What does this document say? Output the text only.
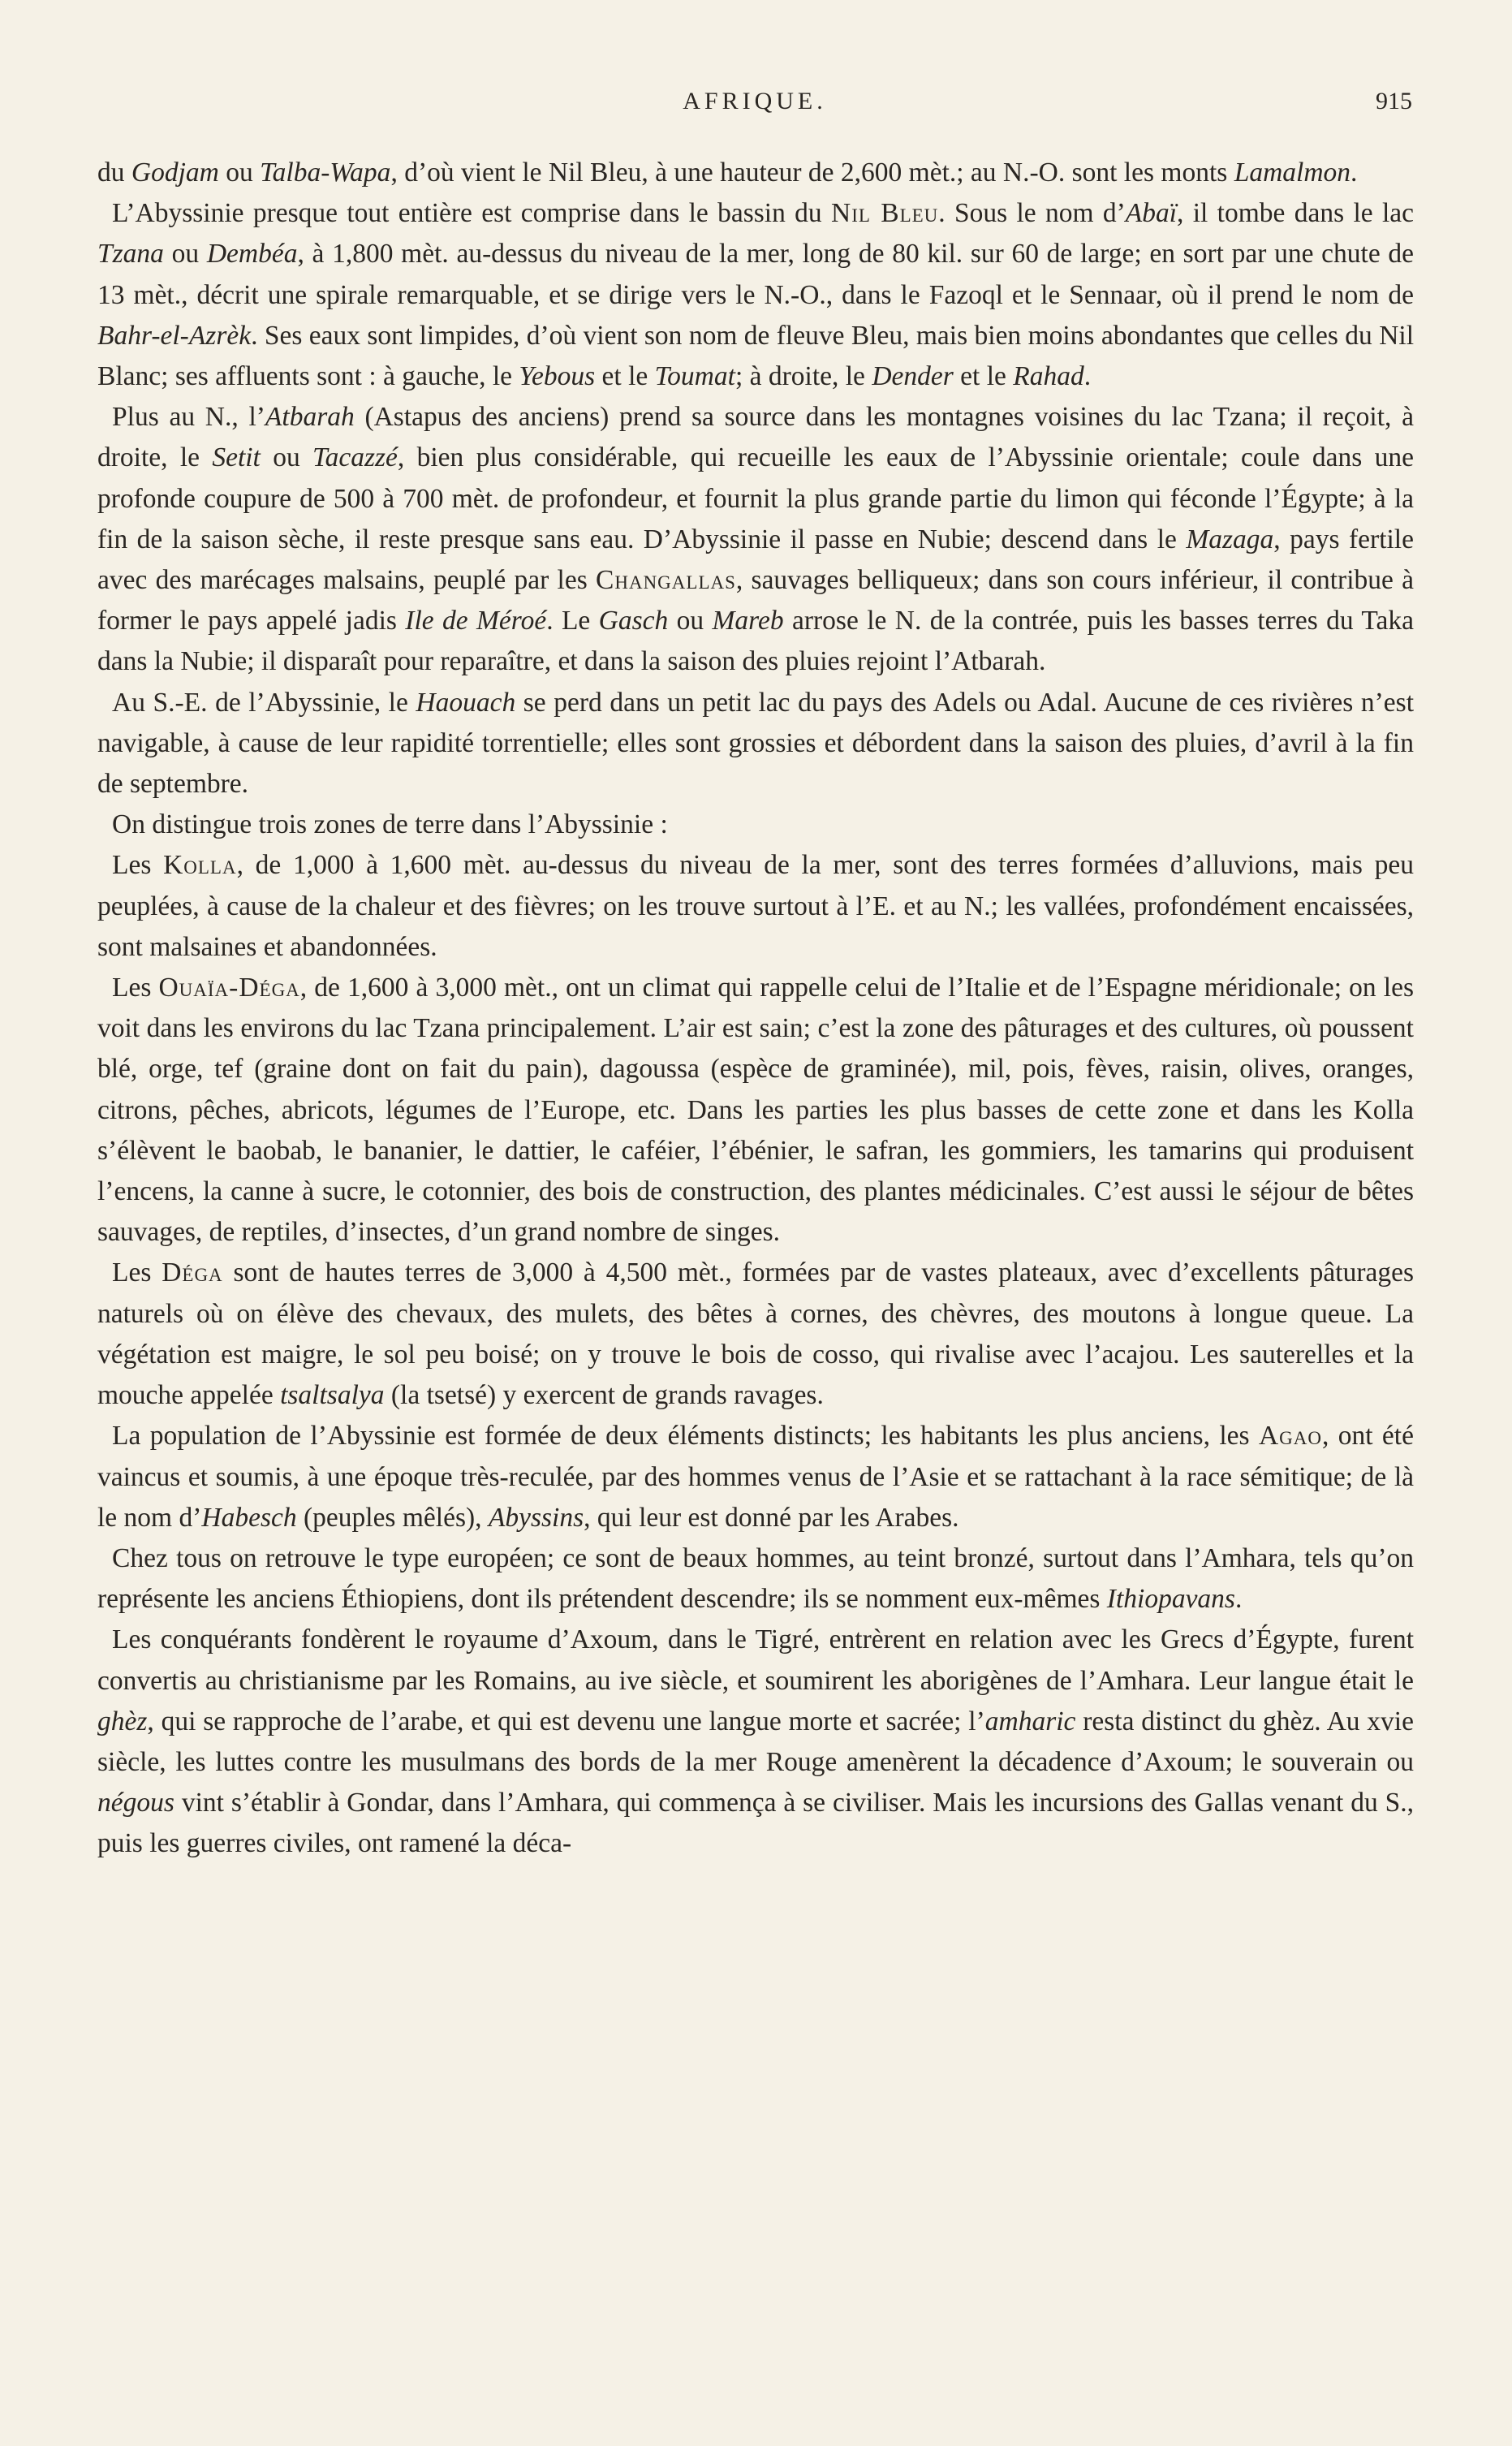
AFRIQUE.	915

du Godjam ou Talba-Wapa, d’où vient le Nil Bleu, à une hauteur de 2,600 mèt.; au N.-O. sont les monts Lamalmon.

L’Abyssinie presque tout entière est comprise dans le bassin du Nil Bleu. Sous le nom d’Abaï, il tombe dans le lac Tzana ou Dembéa, à 1,800 mèt. au-dessus du niveau de la mer, long de 80 kil. sur 60 de large; en sort par une chute de 13 mèt., décrit une spirale remarquable, et se dirige vers le N.-O., dans le Fazoql et le Sennaar, où il prend le nom de Bahr-el-Azrèk. Ses eaux sont limpides, d’où vient son nom de fleuve Bleu, mais bien moins abondantes que celles du Nil Blanc; ses affluents sont : à gauche, le Yebous et le Toumat; à droite, le Dender et le Rahad.

Plus au N., l’Atbarah (Astapus des anciens) prend sa source dans les montagnes voisines du lac Tzana; il reçoit, à droite, le Setit ou Tacazzé, bien plus considérable, qui recueille les eaux de l’Abyssinie orientale; coule dans une profonde coupure de 500 à 700 mèt. de profondeur, et fournit la plus grande partie du limon qui féconde l’Égypte; à la fin de la saison sèche, il reste presque sans eau. D’Abyssinie il passe en Nubie; descend dans le Mazaga, pays fertile avec des marécages malsains, peuplé par les Changallas, sauvages belliqueux; dans son cours inférieur, il contribue à former le pays appelé jadis Ile de Méroé. Le Gasch ou Mareb arrose le N. de la contrée, puis les basses terres du Taka dans la Nubie; il disparaît pour reparaître, et dans la saison des pluies rejoint l’Atbarah.

Au S.-E. de l’Abyssinie, le Haouach se perd dans un petit lac du pays des Adels ou Adal. Aucune de ces rivières n’est navigable, à cause de leur rapidité torrentielle; elles sont grossies et débordent dans la saison des pluies, d’avril à la fin de septembre.

On distingue trois zones de terre dans l’Abyssinie :

Les Kolla, de 1,000 à 1,600 mèt. au-dessus du niveau de la mer, sont des terres formées d’alluvions, mais peu peuplées, à cause de la chaleur et des fièvres; on les trouve surtout à l’E. et au N.; les vallées, profondément encaissées, sont malsaines et abandonnées.

Les Ouaïa-Déga, de 1,600 à 3,000 mèt., ont un climat qui rappelle celui de l’Italie et de l’Espagne méridionale; on les voit dans les environs du lac Tzana principalement. L’air est sain; c’est la zone des pâturages et des cultures, où poussent blé, orge, tef (graine dont on fait du pain), dagoussa (espèce de graminée), mil, pois, fèves, raisin, olives, oranges, citrons, pêches, abricots, légumes de l’Europe, etc. Dans les parties les plus basses de cette zone et dans les Kolla s’élèvent le baobab, le bananier, le dattier, le caféier, l’ébénier, le safran, les gommiers, les tamarins qui produisent l’encens, la canne à sucre, le cotonnier, des bois de construction, des plantes médicinales. C’est aussi le séjour de bêtes sauvages, de reptiles, d’insectes, d’un grand nombre de singes.

Les Déga sont de hautes terres de 3,000 à 4,500 mèt., formées par de vastes plateaux, avec d’excellents pâturages naturels où on élève des chevaux, des mulets, des bêtes à cornes, des chèvres, des moutons à longue queue. La végétation est maigre, le sol peu boisé; on y trouve le bois de cosso, qui rivalise avec l’acajou. Les sauterelles et la mouche appelée tsaltsalya (la tsetsé) y exercent de grands ravages.

La population de l’Abyssinie est formée de deux éléments distincts; les habitants les plus anciens, les Agao, ont été vaincus et soumis, à une époque très-reculée, par des hommes venus de l’Asie et se rattachant à la race sémitique; de là le nom d’Habesch (peuples mêlés), Abyssins, qui leur est donné par les Arabes.

Chez tous on retrouve le type européen; ce sont de beaux hommes, au teint bronzé, surtout dans l’Amhara, tels qu’on représente les anciens Éthiopiens, dont ils prétendent descendre; ils se nomment eux-mêmes Ithiopavans.

Les conquérants fondèrent le royaume d’Axoum, dans le Tigré, entrèrent en relation avec les Grecs d’Égypte, furent convertis au christianisme par les Romains, au ive siècle, et soumirent les aborigènes de l’Amhara. Leur langue était le ghèz, qui se rapproche de l’arabe, et qui est devenu une langue morte et sacrée; l’amharic resta distinct du ghèz. Au xvie siècle, les luttes contre les musulmans des bords de la mer Rouge amenèrent la décadence d’Axoum; le souverain ou négous vint s’établir à Gondar, dans l’Amhara, qui commença à se civiliser. Mais les incursions des Gallas venant du S., puis les guerres civiles, ont ramené la déca-
